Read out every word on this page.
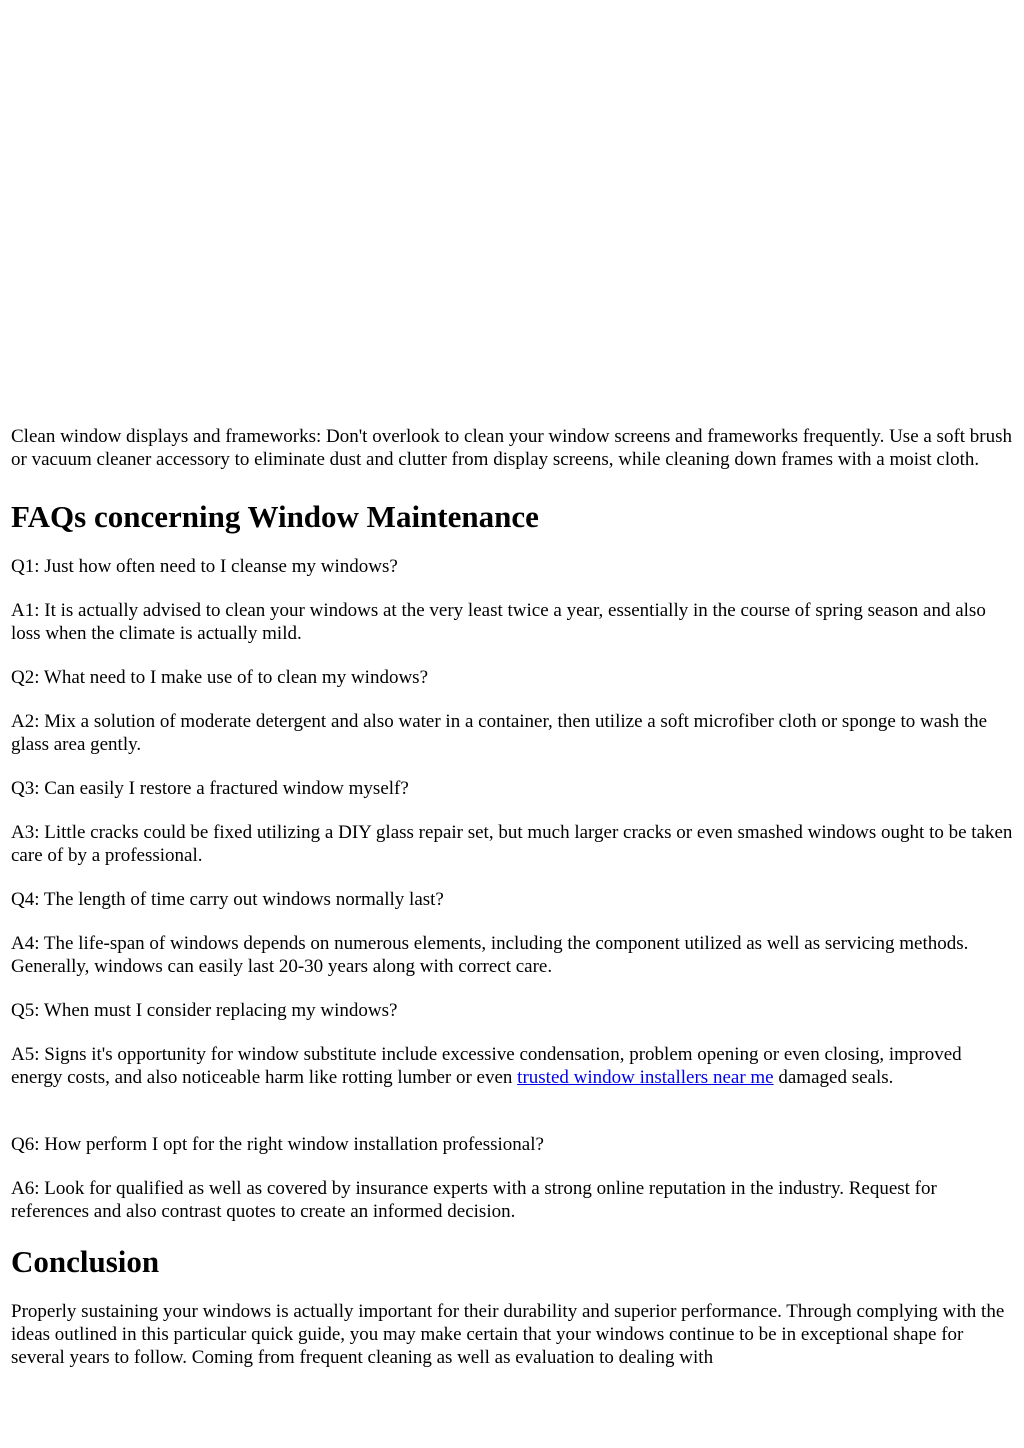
Clean window displays and frameworks: Don't overlook to clean your window screens and frameworks frequently. Use a soft brush or vacuum cleaner accessory to eliminate dust and clutter from display screens, while cleaning down frames with a moist cloth.

FAQs concerning Window Maintenance

Q1: Just how often need to I cleanse my windows?

A1: It is actually advised to clean your windows at the very least twice a year, essentially in the course of spring season and also loss when the climate is actually mild.

Q2: What need to I make use of to clean my windows?

A2: Mix a solution of moderate detergent and also water in a container, then utilize a soft microfiber cloth or sponge to wash the glass area gently.

Q3: Can easily I restore a fractured window myself?

A3: Little cracks could be fixed utilizing a DIY glass repair set, but much larger cracks or even smashed windows ought to be taken care of by a professional.

Q4: The length of time carry out windows normally last?

A4: The life-span of windows depends on numerous elements, including the component utilized as well as servicing methods. Generally, windows can easily last 20-30 years along with correct care.

Q5: When must I consider replacing my windows?

A5: Signs it's opportunity for window substitute include excessive condensation, problem opening or even closing, improved energy costs, and also noticeable harm like rotting lumber or even trusted window installers near me damaged seals.

Q6: How perform I opt for the right window installation professional?

A6: Look for qualified as well as covered by insurance experts with a strong online reputation in the industry. Request for references and also contrast quotes to create an informed decision.

Conclusion

Properly sustaining your windows is actually important for their durability and superior performance. Through complying with the ideas outlined in this particular quick guide, you may make certain that your windows continue to be in exceptional shape for several years to follow. Coming from frequent cleaning as well as evaluation to dealing with
